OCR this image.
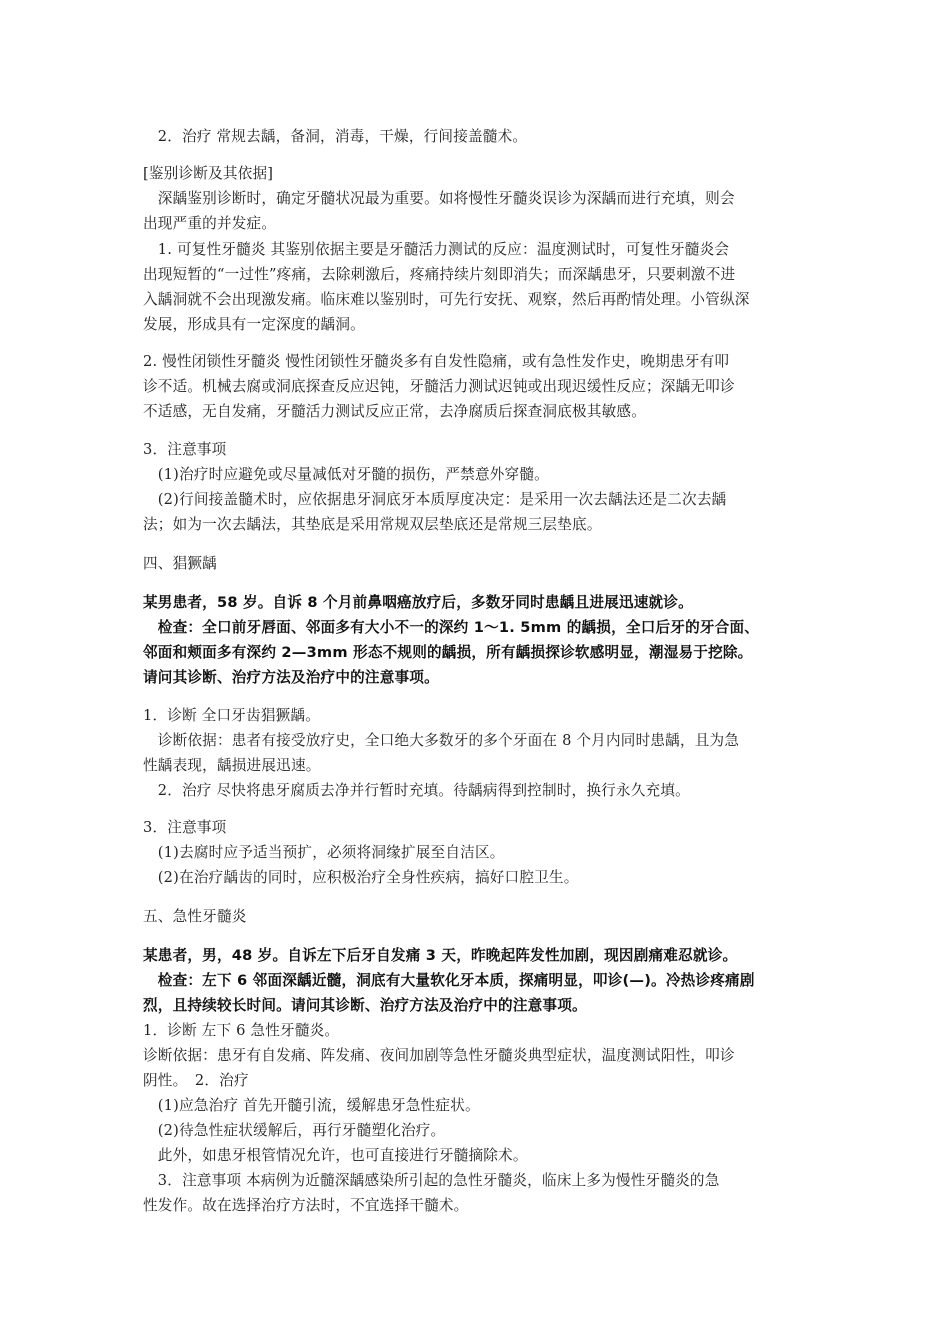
　2．治疗 常规去龋，备洞，消毒，干燥，行间接盖髓术。
[鉴别诊断及其依据]
　深龋鉴别诊断时，确定牙髓状况最为重要。如将慢性牙髓炎误诊为深龋而进行充填，则会
出现严重的并发症。
　1. 可复性牙髓炎 其鉴别依据主要是牙髓活力测试的反应：温度测试时，可复性牙髓炎会
出现短暂的“一过性”疼痛，去除刺激后，疼痛持续片刻即消失；而深龋患牙，只要刺激不进
入龋洞就不会出现激发痛。临床难以鉴别时，可先行安抚、观察，然后再酌情处理。小管纵深
发展，形成具有一定深度的龋洞。
2. 慢性闭锁性牙髓炎 慢性闭锁性牙髓炎多有自发性隐痛，或有急性发作史，晚期患牙有叩
诊不适。机械去腐或洞底探查反应迟钝，牙髓活力测试迟钝或出现迟缓性反应；深龋无叩诊
不适感，无自发痛，牙髓活力测试反应正常，去净腐质后探查洞底极其敏感。
3．注意事项
　(1)治疗时应避免或尽量减低对牙髓的损伤，严禁意外穿髓。
　(2)行间接盖髓术时，应依据患牙洞底牙本质厚度决定：是采用一次去龋法还是二次去龋
法；如为一次去龋法，其垫底是采用常规双层垫底还是常规三层垫底。
四、猖獗龋
某男患者，58 岁。自诉 8 个月前鼻咽癌放疗后，多数牙同时患龋且进展迅速就诊。
　检查：全口前牙唇面、邻面多有大小不一的深约 1～1. 5mm 的龋损，全口后牙的牙合面、
邻面和颊面多有深约 2—3mm 形态不规则的龋损，所有龋损探诊软感明显，潮湿易于挖除。
请问其诊断、治疗方法及治疗中的注意事项。
1．诊断 全口牙齿猖獗龋。
　诊断依据：患者有接受放疗史，全口绝大多数牙的多个牙面在 8 个月内同时患龋，且为急
性龋表现，龋损进展迅速。
　2．治疗 尽快将患牙腐质去净并行暂时充填。待龋病得到控制时，换行永久充填。
3．注意事项
　(1)去腐时应予适当预扩，必须将洞缘扩展至自洁区。
　(2)在治疗龋齿的同时，应积极治疗全身性疾病，搞好口腔卫生。
五、急性牙髓炎
某患者，男，48 岁。自诉左下后牙自发痛 3 天，昨晚起阵发性加剧，现因剧痛难忍就诊。
　检查：左下 6 邻面深龋近髓，洞底有大量软化牙本质，探痛明显，叩诊(—)。冷热诊疼痛剧
烈，且持续较长时间。请问其诊断、治疗方法及治疗中的注意事项。
1．诊断 左下 6 急性牙髓炎。
诊断依据：患牙有自发痛、阵发痛、夜间加剧等急性牙髓炎典型症状，温度测试阳性，叩诊
阴性。　2．治疗
　(1)应急治疗 首先开髓引流，缓解患牙急性症状。
　(2)待急性症状缓解后，再行牙髓塑化治疗。
　此外，如患牙根管情况允许，也可直接进行牙髓摘除术。
　3．注意事项 本病例为近髓深龋感染所引起的急性牙髓炎，临床上多为慢性牙髓炎的急
性发作。故在选择治疗方法时，不宜选择干髓术。
